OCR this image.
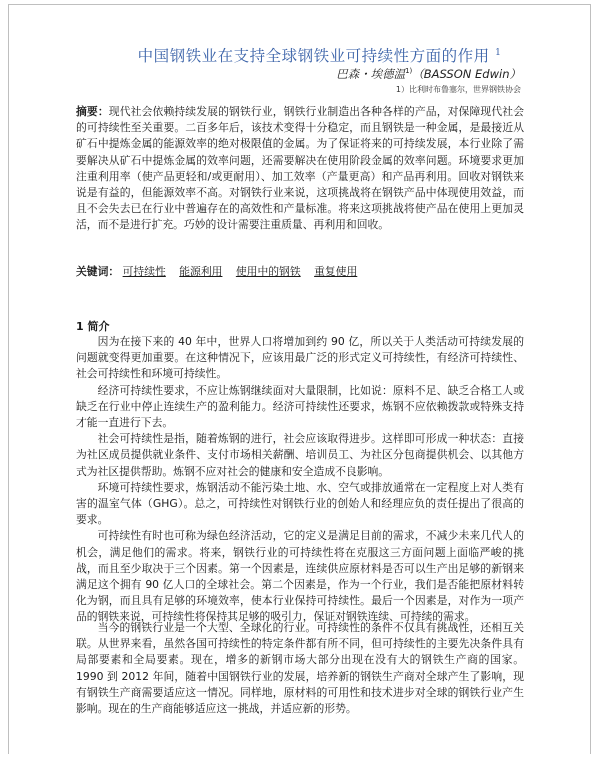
中国钢铁业在支持全球钢铁业可持续性方面的作用 $^1$
巴森・埃德温$^{1)}$（BASSON Edwin）
1）比利时布鲁塞尔，世界钢铁协会
摘要：现代社会依赖持续发展的钢铁行业，钢铁行业制造出各种各样的产品，对保障现代社会的可持续性至关重要。二百多年后，该技术变得十分稳定，而且钢铁是一种金属，是最接近从矿石中提炼金属的能源效率的绝对极限值的金属。为了保证将来的可持续发展，本行业除了需要解决从矿石中提炼金属的效率问题，还需要解决在使用阶段金属的效率问题。环境要求更加注重利用率（使产品更轻和/或更耐用）、加工效率（产量更高）和产品再利用。回收对钢铁来说是有益的，但能源效率不高。对钢铁行业来说，这项挑战将在钢铁产品中体现使用效益，而且不会失去已在行业中普遍存在的高效性和产量标准。将来这项挑战将使产品在使用上更加灵活，而不是进行扩充。巧妙的设计需要注重质量、再利用和回收。
关键词： 可持续性 能源利用 使用中的钢铁 重复使用
1 简介

因为在接下来的 40 年中，世界人口将增加到约 90 亿，所以关于人类活动可持续发展的问题就变得更加重要。在这种情况下，应该用最广泛的形式定义可持续性，有经济可持续性、社会可持续性和环境可持续性。

经济可持续性要求，不应让炼钢继续面对大量限制，比如说：原料不足、缺乏合格工人或缺乏在行业中停止连续生产的盈利能力。经济可持续性还要求，炼钢不应依赖拨款或特殊支持才能一直进行下去。

社会可持续性是指，随着炼钢的进行，社会应该取得进步。这样即可形成一种状态：直接为社区成员提供就业条件、支付市场相关薪酬、培训员工、为社区分包商提供机会、以其他方式为社区提供帮助。炼钢不应对社会的健康和安全造成不良影响。

环境可持续性要求，炼钢活动不能污染土地、水、空气或排放通常在一定程度上对人类有害的温室气体（GHG）。总之，可持续性对钢铁行业的创始人和经理应负的责任提出了很高的要求。

可持续性有时也可称为绿色经济活动，它的定义是满足目前的需求，不减少未来几代人的机会，满足他们的需求。将来，钢铁行业的可持续性将在克服这三方面问题上面临严峻的挑战，而且至少取决于三个因素。第一个因素是，连续供应原材料是否可以生产出足够的新钢来满足这个拥有 90 亿人口的全球社会。第二个因素是，作为一个行业，我们是否能把原材料转化为钢，而且具有足够的环境效率，使本行业保持可持续性。最后一个因素是，对作为一项产品的钢铁来说，可持续性将保持其足够的吸引力，保证对钢铁连续、可持续的需求。

当今的钢铁行业是一个大型、全球化的行业。可持续性的条件不仅具有挑战性，还相互关联。从世界来看，虽然各国可持续性的特定条件都有所不同，但可持续性的主要先决条件具有局部要素和全局要素。现在，增多的新钢市场大部分出现在没有大的钢铁生产商的国家。1990 到 2012 年间，随着中国钢铁行业的发展，培养新的钢铁生产商对全球产生了影响，现有钢铁生产商需要适应这一情况。同样地，原材料的可用性和技术进步对全球的钢铁行业产生影响。现在的生产商能够适应这一挑战，并适应新的形势。
